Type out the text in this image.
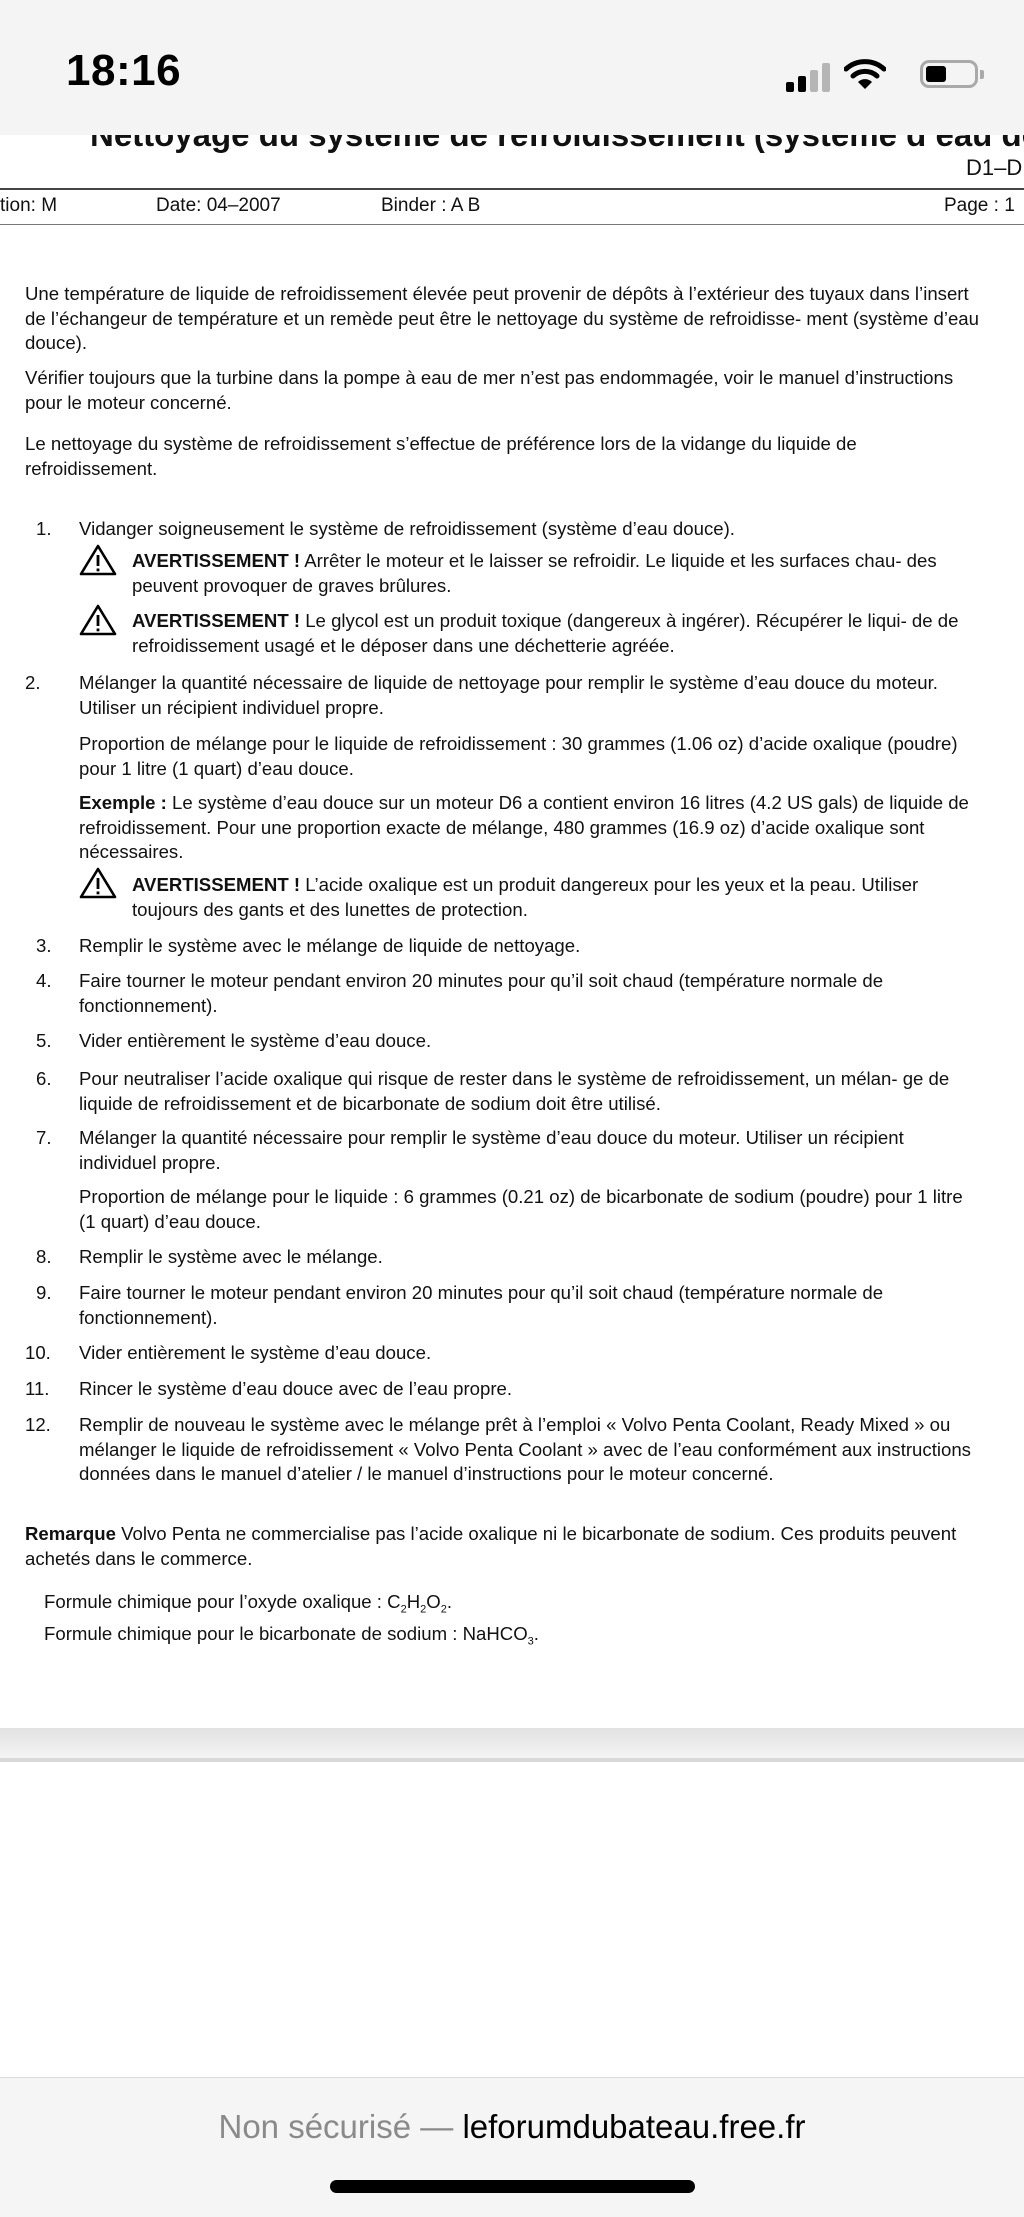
D1–D
tion: M	Date: 04–2007	Binder : A B	Page : 1

Une température de liquide de refroidissement élevée peut provenir de dépôts à l’extérieur des tuyaux dans l’insert de l’échangeur de température et un remède peut être le nettoyage du système de refroidisse- ment (système d’eau douce).

Vérifier toujours que la turbine dans la pompe à eau de mer n’est pas endommagée, voir le manuel d’instructions pour le moteur concerné.

Le nettoyage du système de refroidissement s’effectue de préférence lors de la vidange du liquide de refroidissement.

1. Vidanger soigneusement le système de refroidissement (système d’eau douce).

AVERTISSEMENT ! Arrêter le moteur et le laisser se refroidir. Le liquide et les surfaces chau- des peuvent provoquer de graves brûlures.

AVERTISSEMENT ! Le glycol est un produit toxique (dangereux à ingérer). Récupérer le liqui- de de refroidissement usagé et le déposer dans une déchetterie agréée.

2. Mélanger la quantité nécessaire de liquide de nettoyage pour remplir le système d’eau douce du moteur. Utiliser un récipient individuel propre.

Proportion de mélange pour le liquide de refroidissement : 30 grammes (1.06 oz) d’acide oxalique (poudre) pour 1 litre (1 quart) d’eau douce.

Exemple : Le système d’eau douce sur un moteur D6 a contient environ 16 litres (4.2 US gals) de liquide de refroidissement. Pour une proportion exacte de mélange, 480 grammes (16.9 oz) d’acide oxalique sont nécessaires.

AVERTISSEMENT ! L’acide oxalique est un produit dangereux pour les yeux et la peau. Utiliser toujours des gants et des lunettes de protection.

3. Remplir le système avec le mélange de liquide de nettoyage.

4. Faire tourner le moteur pendant environ 20 minutes pour qu’il soit chaud (température normale de fonctionnement).

5. Vider entièrement le système d’eau douce.

6. Pour neutraliser l’acide oxalique qui risque de rester dans le système de refroidissement, un mélan- ge de liquide de refroidissement et de bicarbonate de sodium doit être utilisé.

7. Mélanger la quantité nécessaire pour remplir le système d’eau douce du moteur. Utiliser un récipient individuel propre.

Proportion de mélange pour le liquide : 6 grammes (0.21 oz) de bicarbonate de sodium (poudre) pour 1 litre (1 quart) d’eau douce.

8. Remplir le système avec le mélange.

9. Faire tourner le moteur pendant environ 20 minutes pour qu’il soit chaud (température normale de fonctionnement).

10. Vider entièrement le système d’eau douce.

11. Rincer le système d’eau douce avec de l’eau propre.

12. Remplir de nouveau le système avec le mélange prêt à l’emploi « Volvo Penta Coolant, Ready Mixed » ou mélanger le liquide de refroidissement « Volvo Penta Coolant » avec de l’eau conformément aux instructions données dans le manuel d’atelier / le manuel d’instructions pour le moteur concerné.

Remarque Volvo Penta ne commercialise pas l’acide oxalique ni le bicarbonate de sodium. Ces produits peuvent achetés dans le commerce.

Formule chimique pour l’oxyde oxalique : $C_2H_2O_2$.

Formule chimique pour le bicarbonate de sodium : NaHCO$_3$.

18:16
Non sécurisé — leforumdubateau.free.fr
